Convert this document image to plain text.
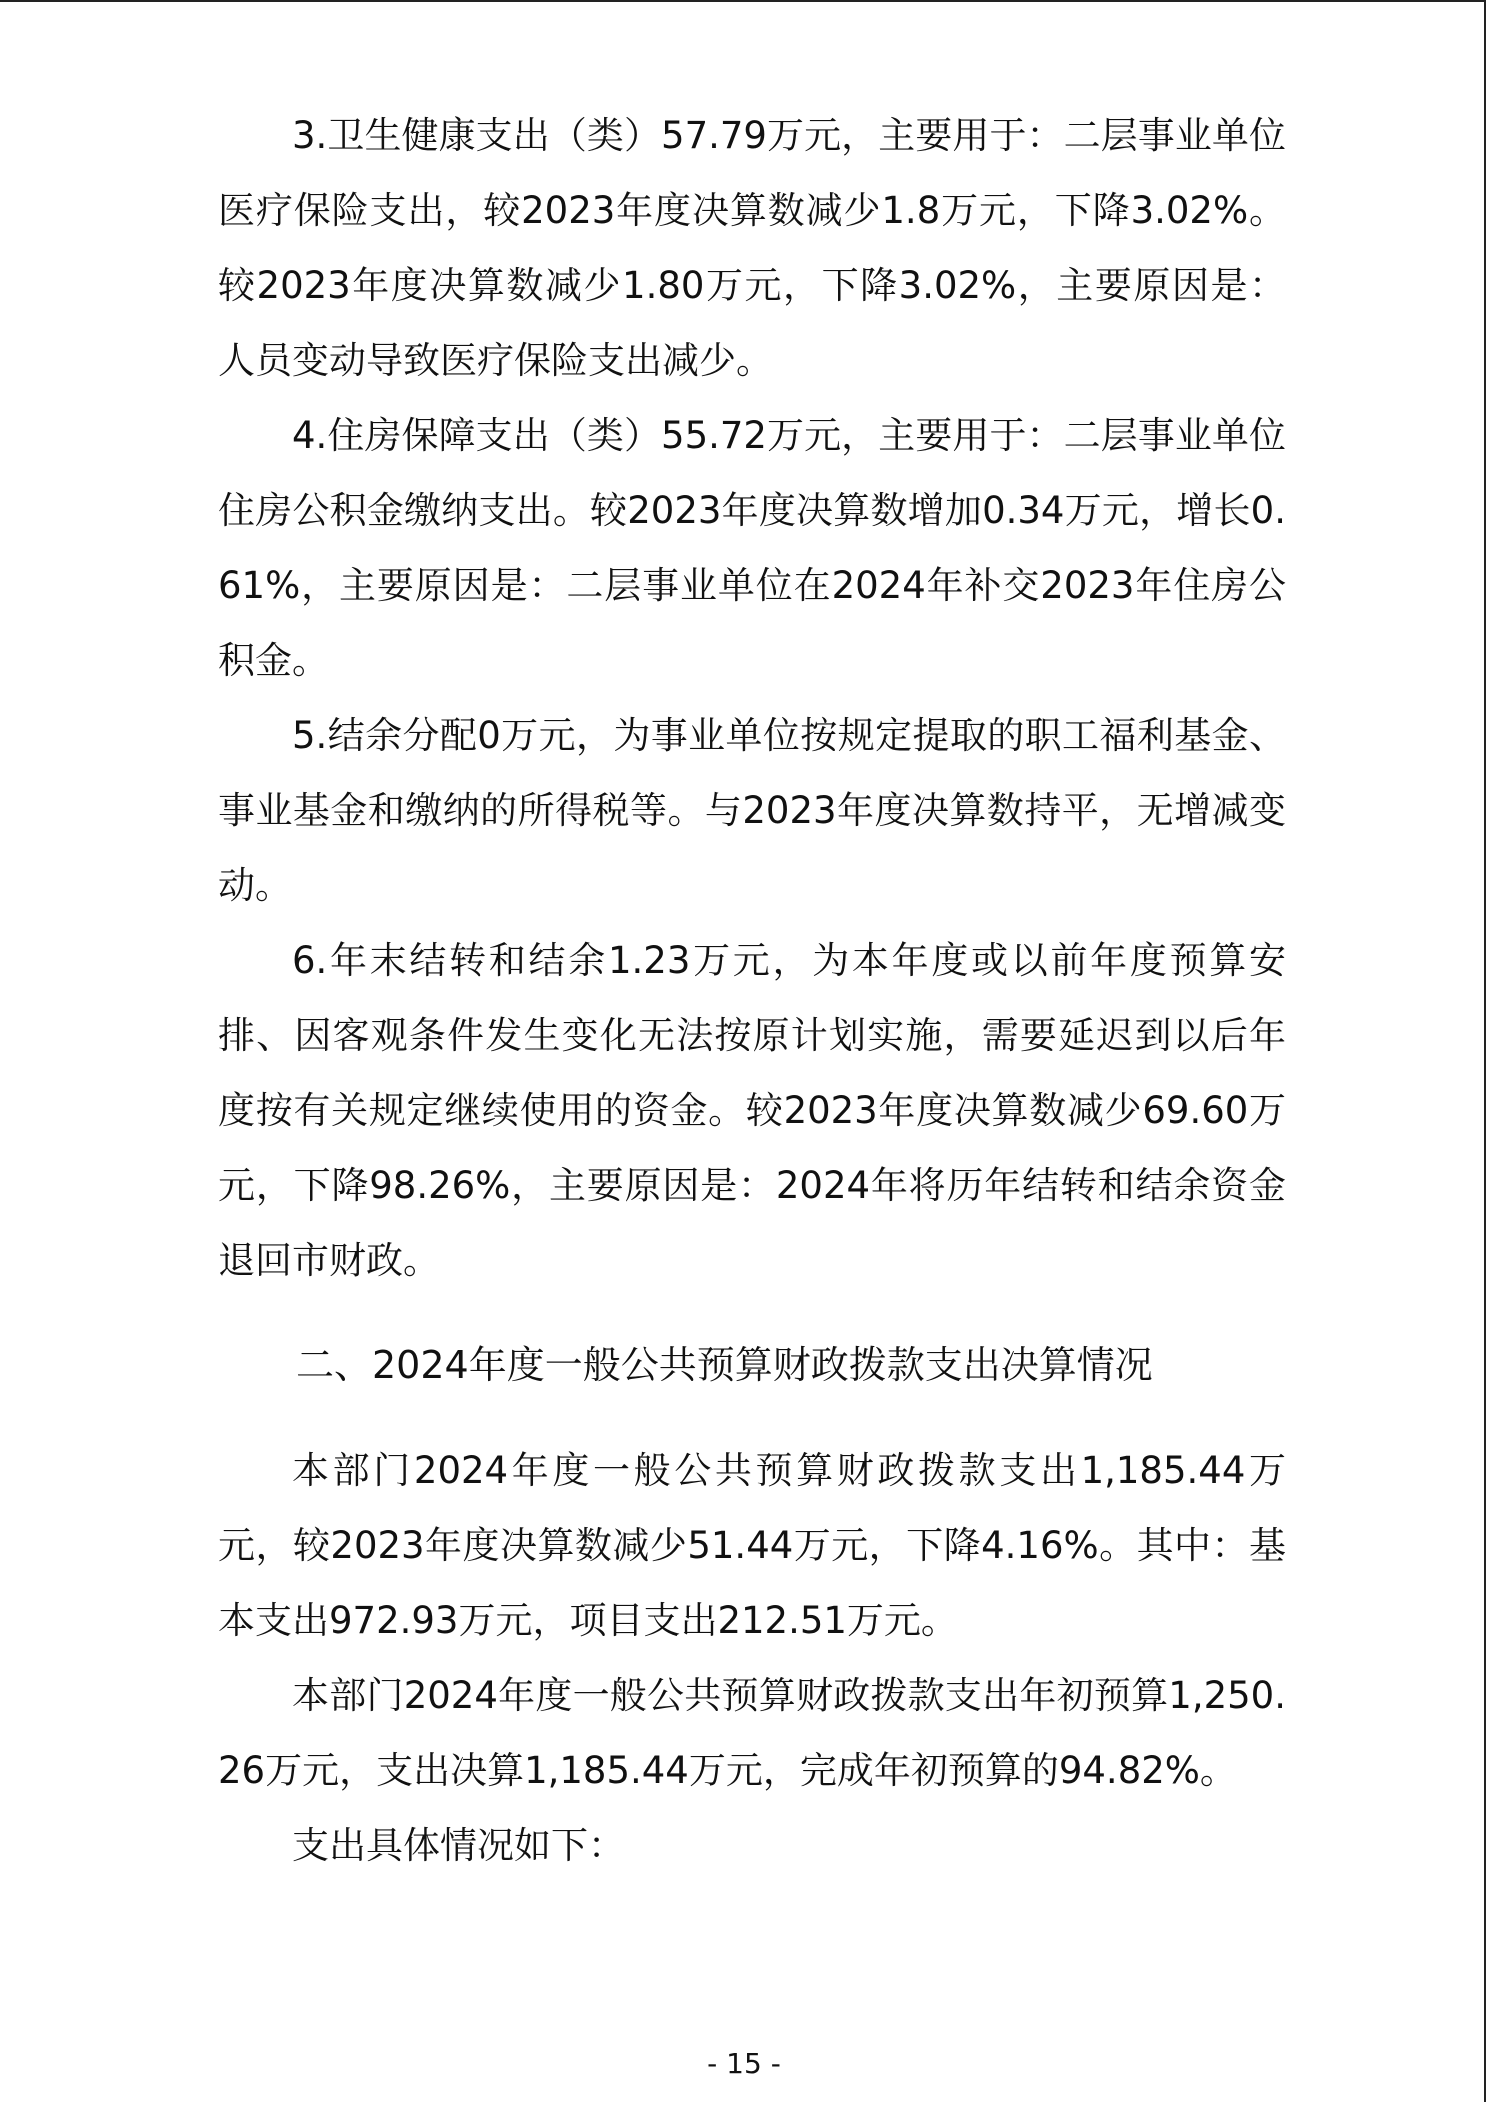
3.卫生健康支出（类）57.79万元，主要用于：二层事业单位医疗保险支出，较2023年度决算数减少1.8万元，下降3.02%。较2023年度决算数减少1.80万元，下降3.02%，主要原因是：人员变动导致医疗保险支出减少。

4.住房保障支出（类）55.72万元，主要用于：二层事业单位住房公积金缴纳支出。较2023年度决算数增加0.34万元，增长0.61%，主要原因是：二层事业单位在2024年补交2023年住房公积金。

5.结余分配0万元，为事业单位按规定提取的职工福利基金、事业基金和缴纳的所得税等。与2023年度决算数持平，无增减变动。

6.年末结转和结余1.23万元，为本年度或以前年度预算安排、因客观条件发生变化无法按原计划实施，需要延迟到以后年度按有关规定继续使用的资金。较2023年度决算数减少69.60万元，下降98.26%，主要原因是：2024年将历年结转和结余资金退回市财政。

二、2024年度一般公共预算财政拨款支出决算情况

本部门2024年度一般公共预算财政拨款支出1,185.44万元，较2023年度决算数减少51.44万元，下降4.16%。其中：基本支出972.93万元，项目支出212.51万元。

本部门2024年度一般公共预算财政拨款支出年初预算1,250.26万元，支出决算1,185.44万元，完成年初预算的94.82%。

支出具体情况如下：

- 15 -
